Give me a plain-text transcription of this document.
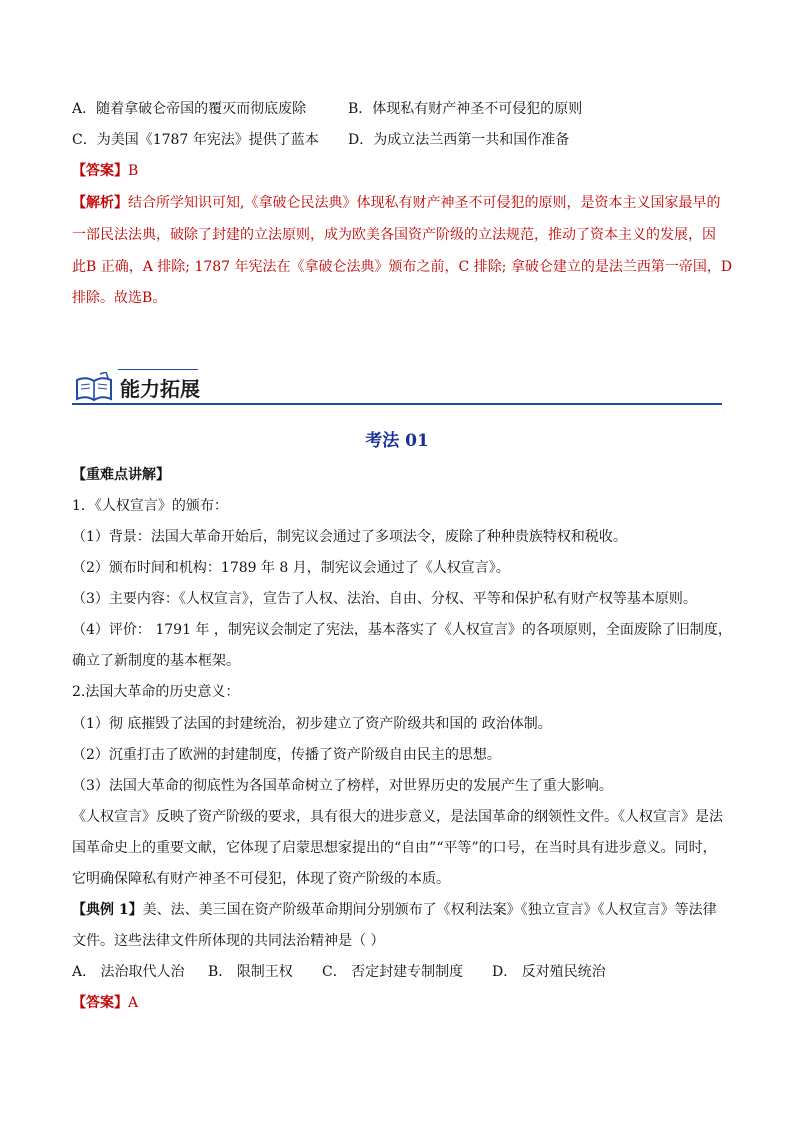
A．随着拿破仑帝国的覆灭而彻底废除	B．体现私有财产神圣不可侵犯的原则
C．为美国《1787 年宪法》提供了蓝本 D．为成立法兰西第一共和国作准备
【答案】B
【解析】结合所学知识可知,《拿破仑民法典》体现私有财产神圣不可侵犯的原则，是资本主义国家最早的
一部民法法典，破除了封建的立法原则，成为欧美各国资产阶级的立法规范，推动了资本主义的发展，因
此B 正确，A 排除; 1787 年宪法在《拿破仑法典》颁布之前，C 排除; 拿破仑建立的是法兰西第一帝国，D
排除。故选B。
能力拓展
考法 01
【重难点讲解】
1．《人权宣言》的颁布：
（1）背景：法国大革命开始后，制宪议会通过了多项法令，废除了种种贵族特权和税收。
（2）颁布时间和机构：1789 年 8 月，制宪议会通过了《人权宣言》。
（3）主要内容：《人权宣言》，宣告了人权、法治、自由、分权、平等和保护私有财产权等基本原则。
（4）评价： 1791 年 ，制宪议会制定了宪法，基本落实了《人权宣言》的各项原则，全面废除了旧制度，
确立了新制度的基本框架。
2.法国大革命的历史意义：
（1）彻 底摧毁了法国的封建统治，初步建立了资产阶级共和国的 政治体制。
（2）沉重打击了欧洲的封建制度，传播了资产阶级自由民主的思想。
（3）法国大革命的彻底性为各国革命树立了榜样，对世界历史的发展产生了重大影响。
《人权宣言》反映了资产阶级的要求，具有很大的进步意义，是法国革命的纲领性文件。《人权宣言》是法
国革命史上的重要文献，它体现了启蒙思想家提出的“自由”“平等”的口号，在当时具有进步意义。同时，
它明确保障私有财产神圣不可侵犯，体现了资产阶级的本质。
【典例 1】美、法、美三国在资产阶级革命期间分别颁布了《权利法案》《独立宣言》《人权宣言》等法律
文件。这些法律文件所体现的共同法治精神是（ ）
A． 法治取代人治 B． 限制王权 C． 否定封建专制制度 D． 反对殖民统治
【答案】A
